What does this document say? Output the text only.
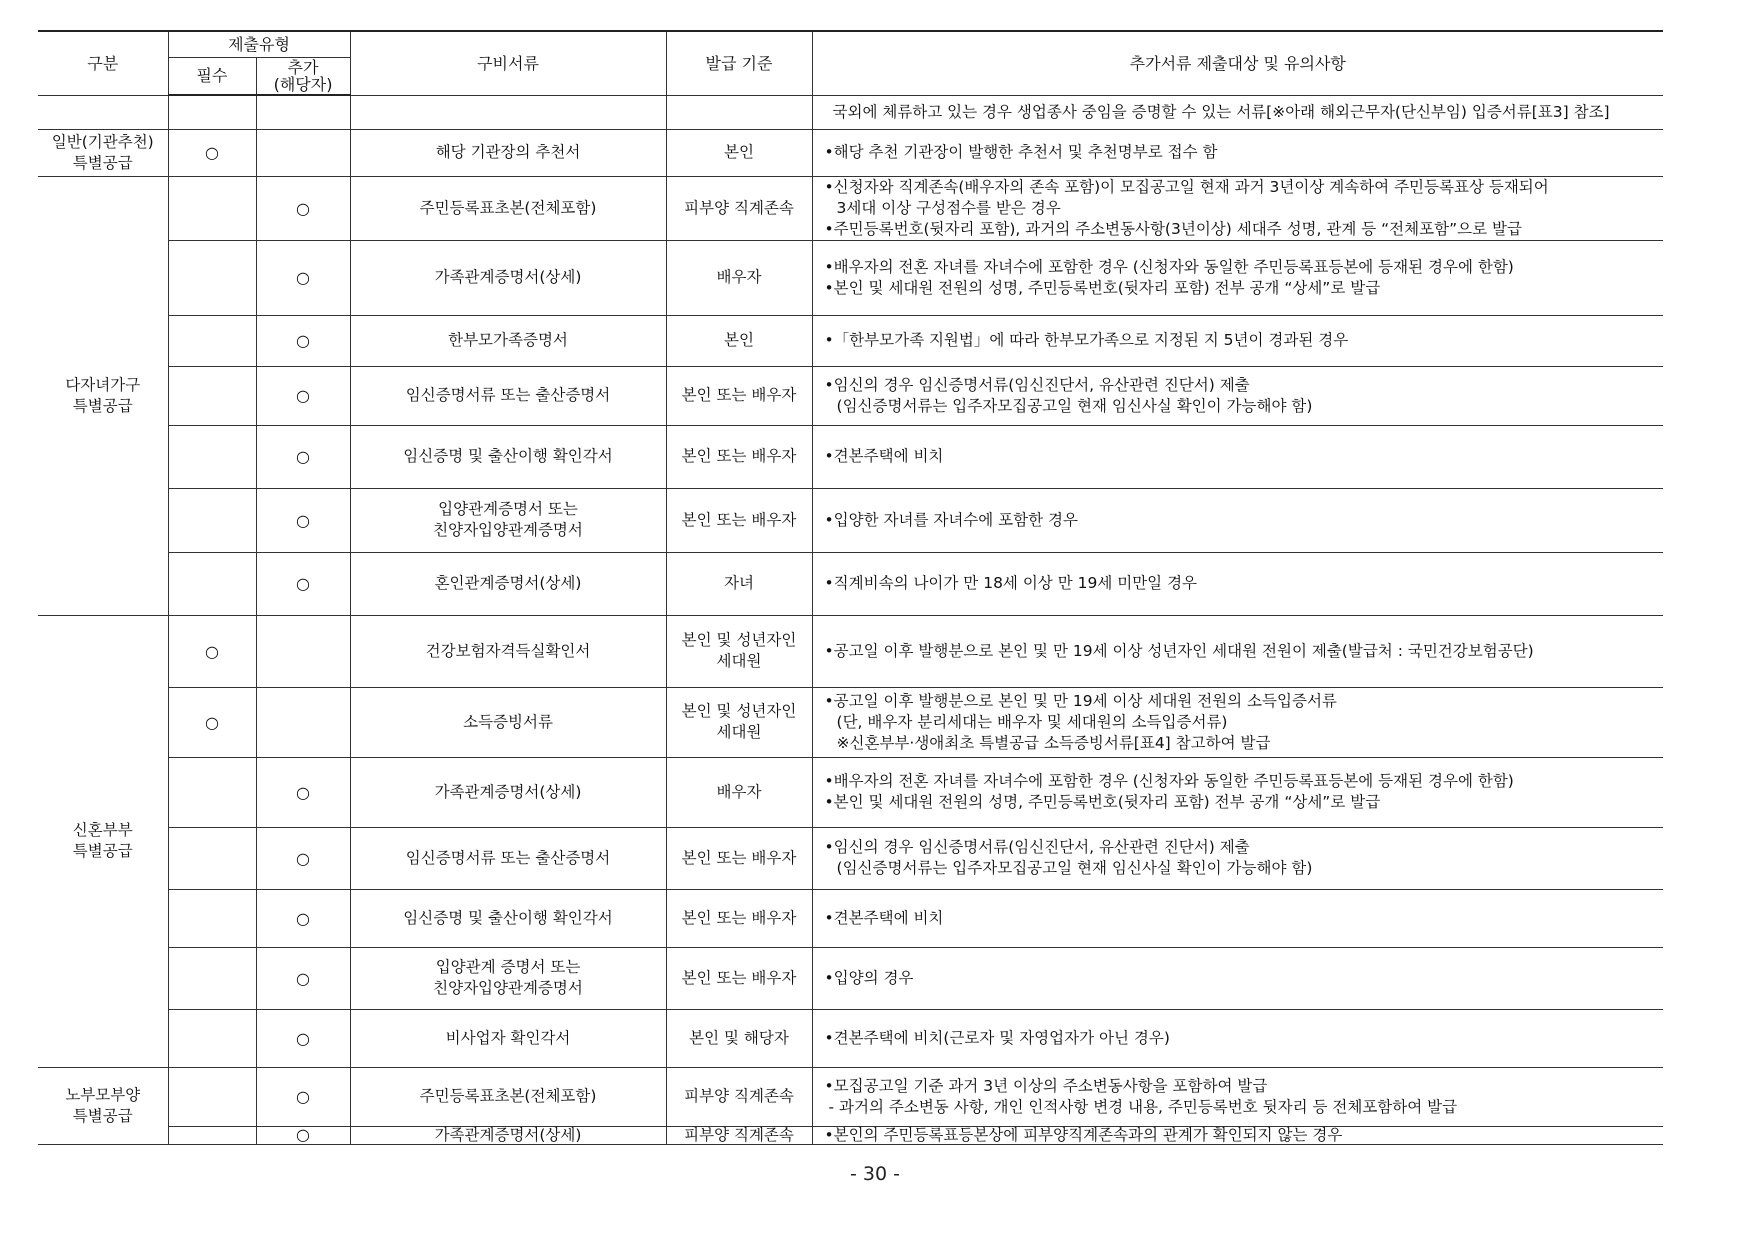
구분	제출유형		구비서류	발급 기준	추가서류 제출대상 및 유의사항
	필수	추가
(해당자)			

					국외에 체류하고 있는 경우 생업종사 중임을 증명할 수 있는 서류[※아래 해외근무자(단신부임) 입증서류[표3] 참조]

일반(기관추천)
특별공급	○		해당 기관장의 추천서	본인	•해당 추천 기관장이 발행한 추천서 및 추천명부로 접수 함

다자녀가구
특별공급		○	주민등록표초본(전체포함)	피부양 직계존속	•신청자와 직계존속(배우자의 존속 포함)이 모집공고일 현재 과거 3년이상 계속하여 주민등록표상 등재되어
3세대 이상 구성점수를 받은 경우
•주민등록번호(뒷자리 포함), 과거의 주소변동사항(3년이상) 세대주 성명, 관계 등 “전체포함”으로 발급

		○	가족관계증명서(상세)	배우자	•배우자의 전혼 자녀를 자녀수에 포함한 경우 (신청자와 동일한 주민등록표등본에 등재된 경우에 한함)
•본인 및 세대원 전원의 성명, 주민등록번호(뒷자리 포함) 전부 공개 “상세”로 발급

		○	한부모가족증명서	본인	•「한부모가족 지원법」에 따라 한부모가족으로 지정된 지 5년이 경과된 경우

		○	임신증명서류 또는 출산증명서	본인 또는 배우자	•임신의 경우 임신증명서류(임신진단서, 유산관련 진단서) 제출
(임신증명서류는 입주자모집공고일 현재 임신사실 확인이 가능해야 함)

		○	임신증명 및 출산이행 확인각서	본인 또는 배우자	•견본주택에 비치

		○	입양관계증명서 또는
친양자입양관계증명서	본인 또는 배우자	•입양한 자녀를 자녀수에 포함한 경우

		○	혼인관계증명서(상세)	자녀	•직계비속의 나이가 만 18세 이상 만 19세 미만일 경우

신혼부부
특별공급	○		건강보험자격득실확인서	본인 및 성년자인
세대원	•공고일 이후 발행분으로 본인 및 만 19세 이상 성년자인 세대원 전원이 제출(발급처 : 국민건강보험공단)

	○		소득증빙서류	본인 및 성년자인
세대원	•공고일 이후 발행분으로 본인 및 만 19세 이상 세대원 전원의 소득입증서류
(단, 배우자 분리세대는 배우자 및 세대원의 소득입증서류)
※신혼부부·생애최초 특별공급 소득증빙서류[표4] 참고하여 발급

		○	가족관계증명서(상세)	배우자	•배우자의 전혼 자녀를 자녀수에 포함한 경우 (신청자와 동일한 주민등록표등본에 등재된 경우에 한함)
•본인 및 세대원 전원의 성명, 주민등록번호(뒷자리 포함) 전부 공개 “상세”로 발급

		○	임신증명서류 또는 출산증명서	본인 또는 배우자	•임신의 경우 임신증명서류(임신진단서, 유산관련 진단서) 제출
(임신증명서류는 입주자모집공고일 현재 임신사실 확인이 가능해야 함)

		○	임신증명 및 출산이행 확인각서	본인 또는 배우자	•견본주택에 비치

		○	입양관계 증명서 또는
친양자입양관계증명서	본인 또는 배우자	•입양의 경우

		○	비사업자 확인각서	본인 및 해당자	•견본주택에 비치(근로자 및 자영업자가 아닌 경우)

노부모부양
특별공급		○	주민등록표초본(전체포함)	피부양 직계존속	•모집공고일 기준 과거 3년 이상의 주소변동사항을 포함하여 발급
- 과거의 주소변동 사항, 개인 인적사항 변경 내용, 주민등록번호 뒷자리 등 전체포함하여 발급

		○	가족관계증명서(상세)	피부양 직계존속	•본인의 주민등록표등본상에 피부양직계존속과의 관계가 확인되지 않는 경우
- 30 -
